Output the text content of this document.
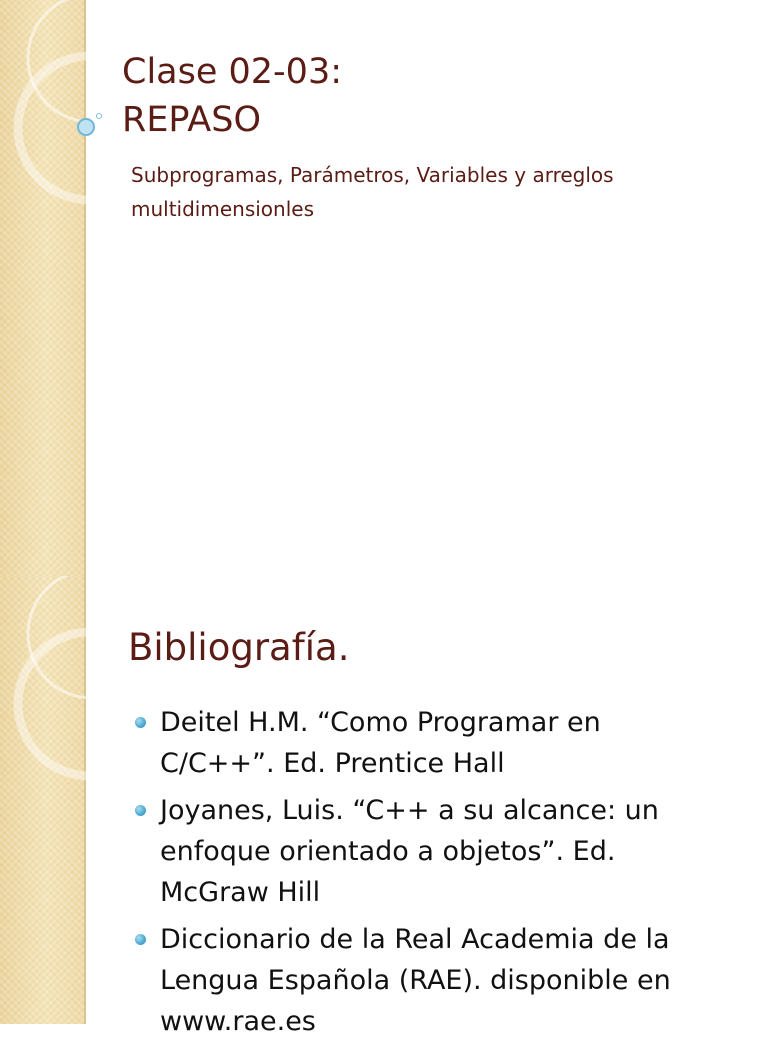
Clase 02-03:
REPASO
Subprogramas, Parámetros, Variables y arreglos
multidimensionles
Bibliografía.
Deitel H.M. “Como Programar en
C/C++”. Ed. Prentice Hall
Joyanes, Luis. “C++ a su alcance: un
enfoque orientado a objetos”. Ed.
McGraw Hill
Diccionario de la Real Academia de la
Lengua Española (RAE). disponible en
www.rae.es
